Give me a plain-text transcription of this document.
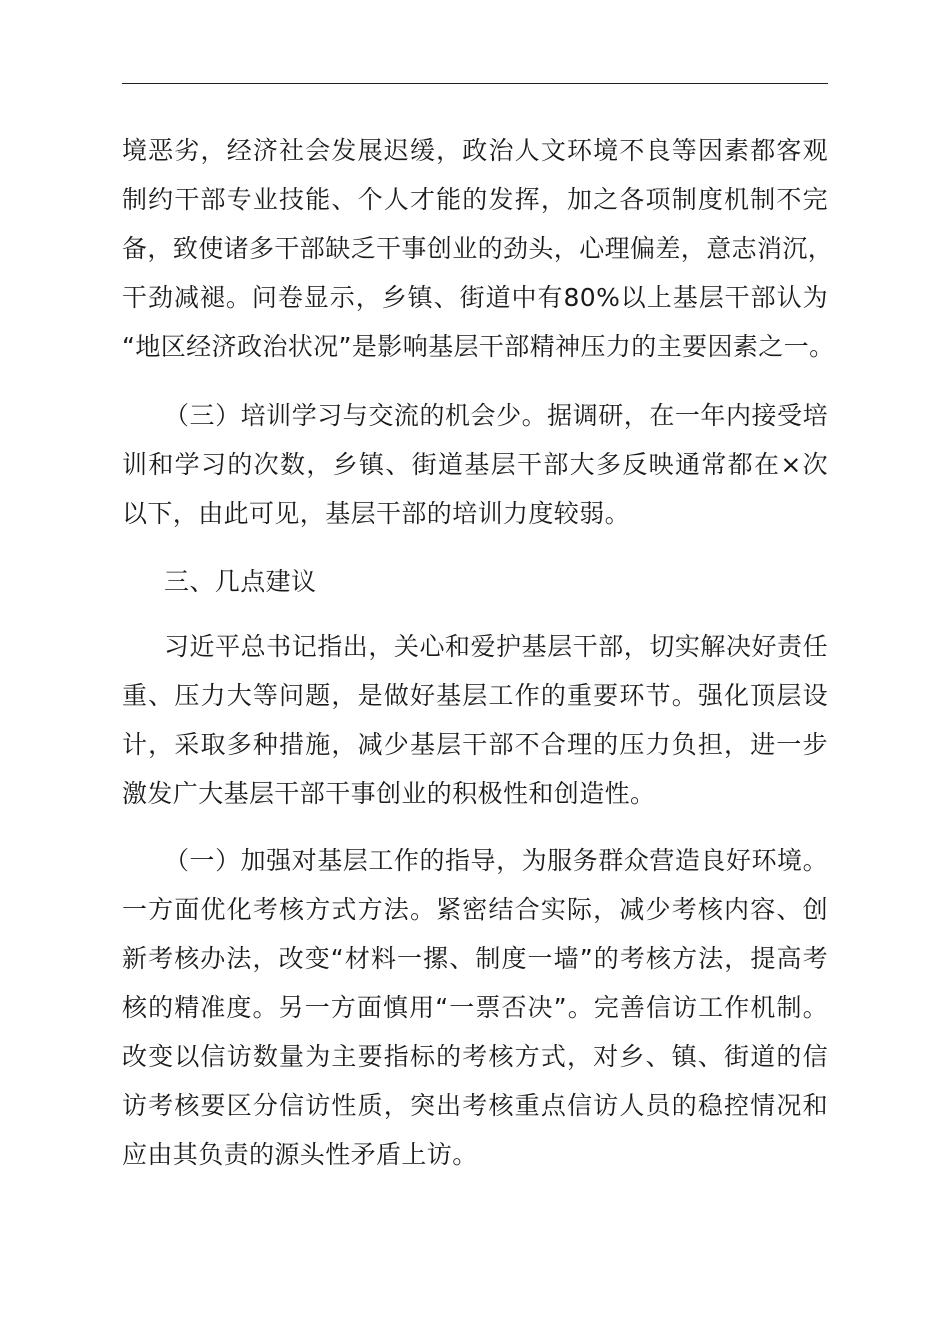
境恶劣，经济社会发展迟缓，政治人文环境不良等因素都客观
制约干部专业技能、个人才能的发挥，加之各项制度机制不完
备，致使诸多干部缺乏干事创业的劲头，心理偏差，意志消沉，
干劲减褪。问卷显示，乡镇、街道中有80%以上基层干部认为
“地区经济政治状况”是影响基层干部精神压力的主要因素之一。
（三）培训学习与交流的机会少。据调研，在一年内接受培
训和学习的次数，乡镇、街道基层干部大多反映通常都在×次
以下，由此可见，基层干部的培训力度较弱。
三、几点建议
习近平总书记指出，关心和爱护基层干部，切实解决好责任
重、压力大等问题，是做好基层工作的重要环节。强化顶层设
计，采取多种措施，减少基层干部不合理的压力负担，进一步
激发广大基层干部干事创业的积极性和创造性。
（一）加强对基层工作的指导，为服务群众营造良好环境。
一方面优化考核方式方法。紧密结合实际，减少考核内容、创
新考核办法，改变“材料一摞、制度一墙”的考核方法，提高考
核的精准度。另一方面慎用“一票否决”。完善信访工作机制。
改变以信访数量为主要指标的考核方式，对乡、镇、街道的信
访考核要区分信访性质，突出考核重点信访人员的稳控情况和
应由其负责的源头性矛盾上访。
